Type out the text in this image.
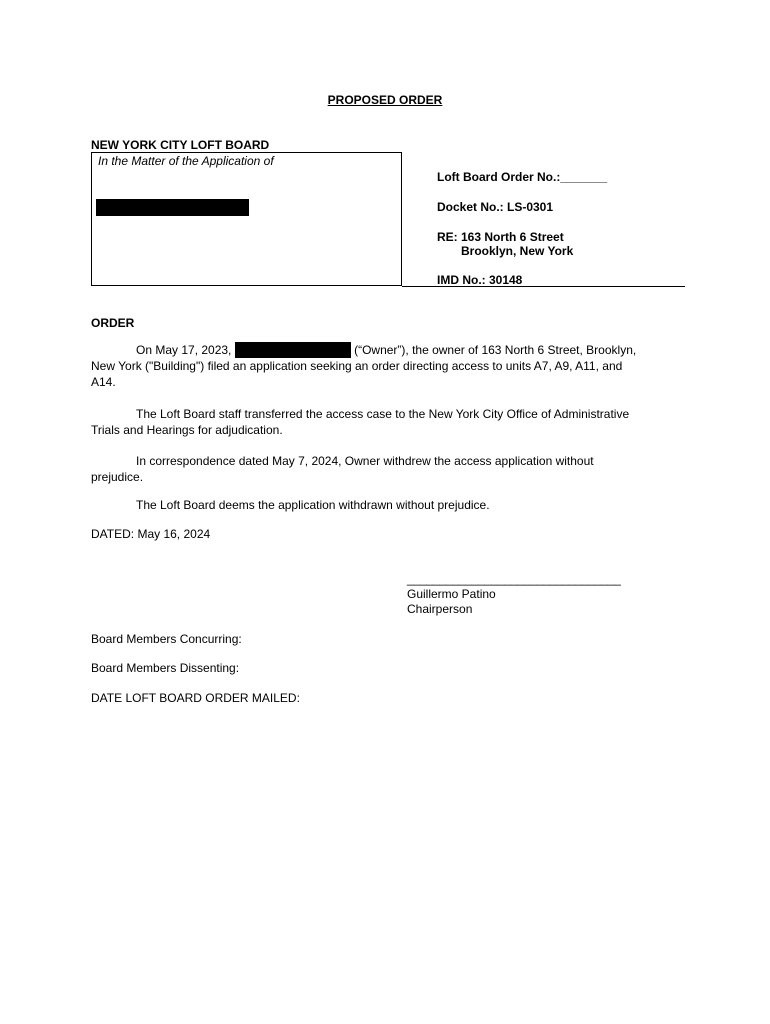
PROPOSED ORDER
NEW YORK CITY LOFT BOARD
In the Matter of the Application of
Loft Board Order No.:_______
Docket No.: LS-0301
RE: 163 North 6 Street
Brooklyn, New York
IMD No.: 30148
ORDER
On May 17, 2023,	(“Owner”), the owner of 163 North 6 Street, Brooklyn,
New York ("Building") filed an application seeking an order directing access to units A7, A9, A11, and
A14.
The Loft Board staff transferred the access case to the New York City Office of Administrative
Trials and Hearings for adjudication.
In correspondence dated May 7, 2024, Owner withdrew the access application without
prejudice.
The Loft Board deems the application withdrawn without prejudice.
DATED: May 16, 2024
_________________________________
Guillermo Patino
Chairperson
Board Members Concurring:
Board Members Dissenting:
DATE LOFT BOARD ORDER MAILED:
